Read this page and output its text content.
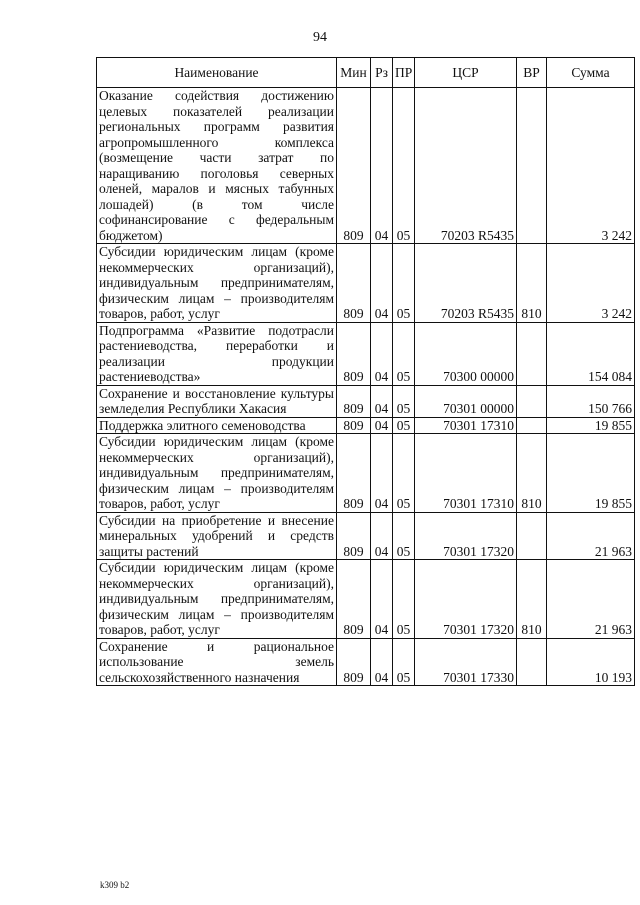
94
Наименование	Мин	Рз	ПР	ЦСР	ВР	Сумма
Оказание содействия достижению целевых показателей реализации региональных программ развития агропромышленного комплекса (возмещение части затрат по наращиванию поголовья северных оленей, маралов и мясных табунных лошадей) (в том числе софинансирование с федеральным бюджетом)	809	04	05	70203 R5435		3 242
Субсидии юридическим лицам (кроме некоммерческих организаций), индивидуальным предпринимателям, физическим лицам – производителям товаров, работ, услуг	809	04	05	70203 R5435	810	3 242
Подпрограмма «Развитие подотрасли растениеводства, переработки и реализации продукции растениеводства»	809	04	05	70300 00000		154 084
Сохранение и восстановление культуры земледелия Республики Хакасия	809	04	05	70301 00000		150 766
Поддержка элитного семеноводства	809	04	05	70301 17310		19 855
Субсидии юридическим лицам (кроме некоммерческих организаций), индивидуальным предпринимателям, физическим лицам – производителям товаров, работ, услуг	809	04	05	70301 17310	810	19 855
Субсидии на приобретение и внесение минеральных удобрений и средств защиты растений	809	04	05	70301 17320		21 963
Субсидии юридическим лицам (кроме некоммерческих организаций), индивидуальным предпринимателям, физическим лицам – производителям товаров, работ, услуг	809	04	05	70301 17320	810	21 963
Сохранение и рациональное использование земель сельскохозяйственного назначения	809	04	05	70301 17330		10 193
k309 b2
